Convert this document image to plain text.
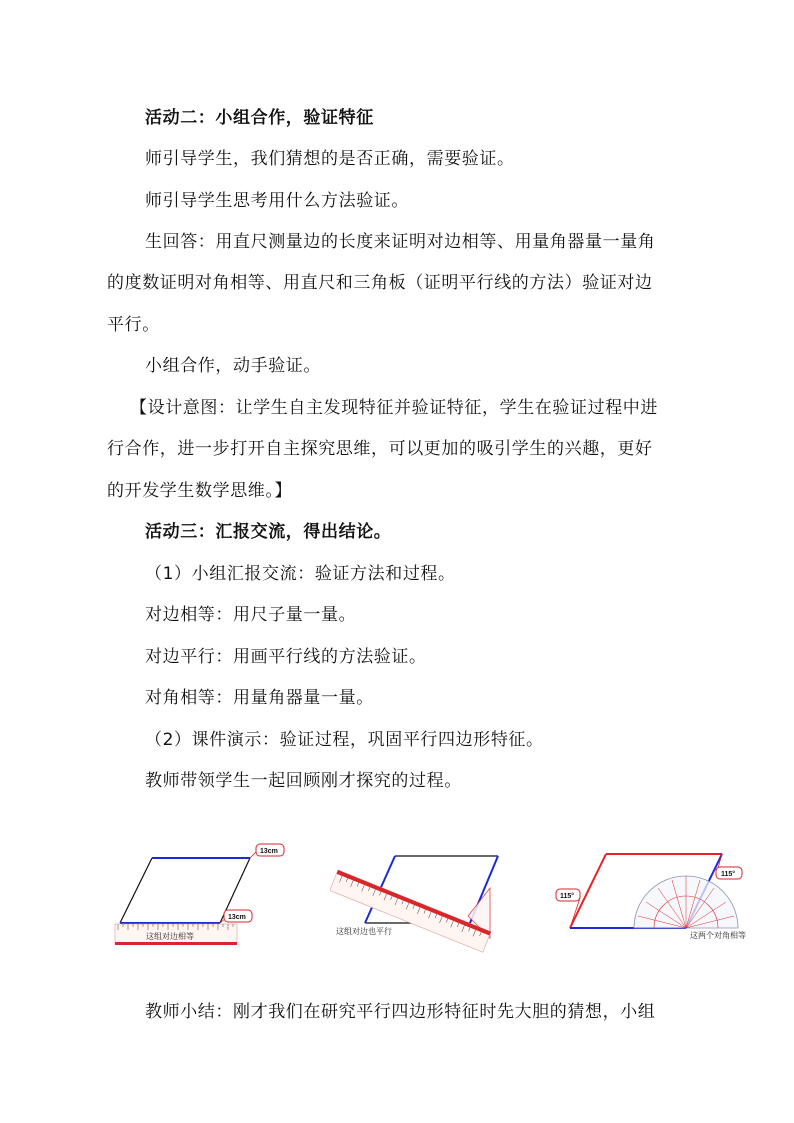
活动二：小组合作，验证特征
师引导学生，我们猜想的是否正确，需要验证。
师引导学生思考用什么方法验证。
生回答：用直尺测量边的长度来证明对边相等、用量角器量一量角
的度数证明对角相等、用直尺和三角板（证明平行线的方法）验证对边
平行。
小组合作，动手验证。
【设计意图：让学生自主发现特征并验证特征，学生在验证过程中进
行合作，进一步打开自主探究思维，可以更加的吸引学生的兴趣，更好
的开发学生数学思维。】
活动三：汇报交流，得出结论。
（1）小组汇报交流：验证方法和过程。
对边相等：用尺子量一量。
对边平行：用画平行线的方法验证。
对角相等：用量角器量一量。
（2）课件演示：验证过程，巩固平行四边形特征。
教师带领学生一起回顾刚才探究的过程。
教师小结：刚才我们在研究平行四边形特征时先大胆的猜想，小组
这组对边相等
13cm
13cm
这组对边也平行
115°
115°
这两个对角相等
